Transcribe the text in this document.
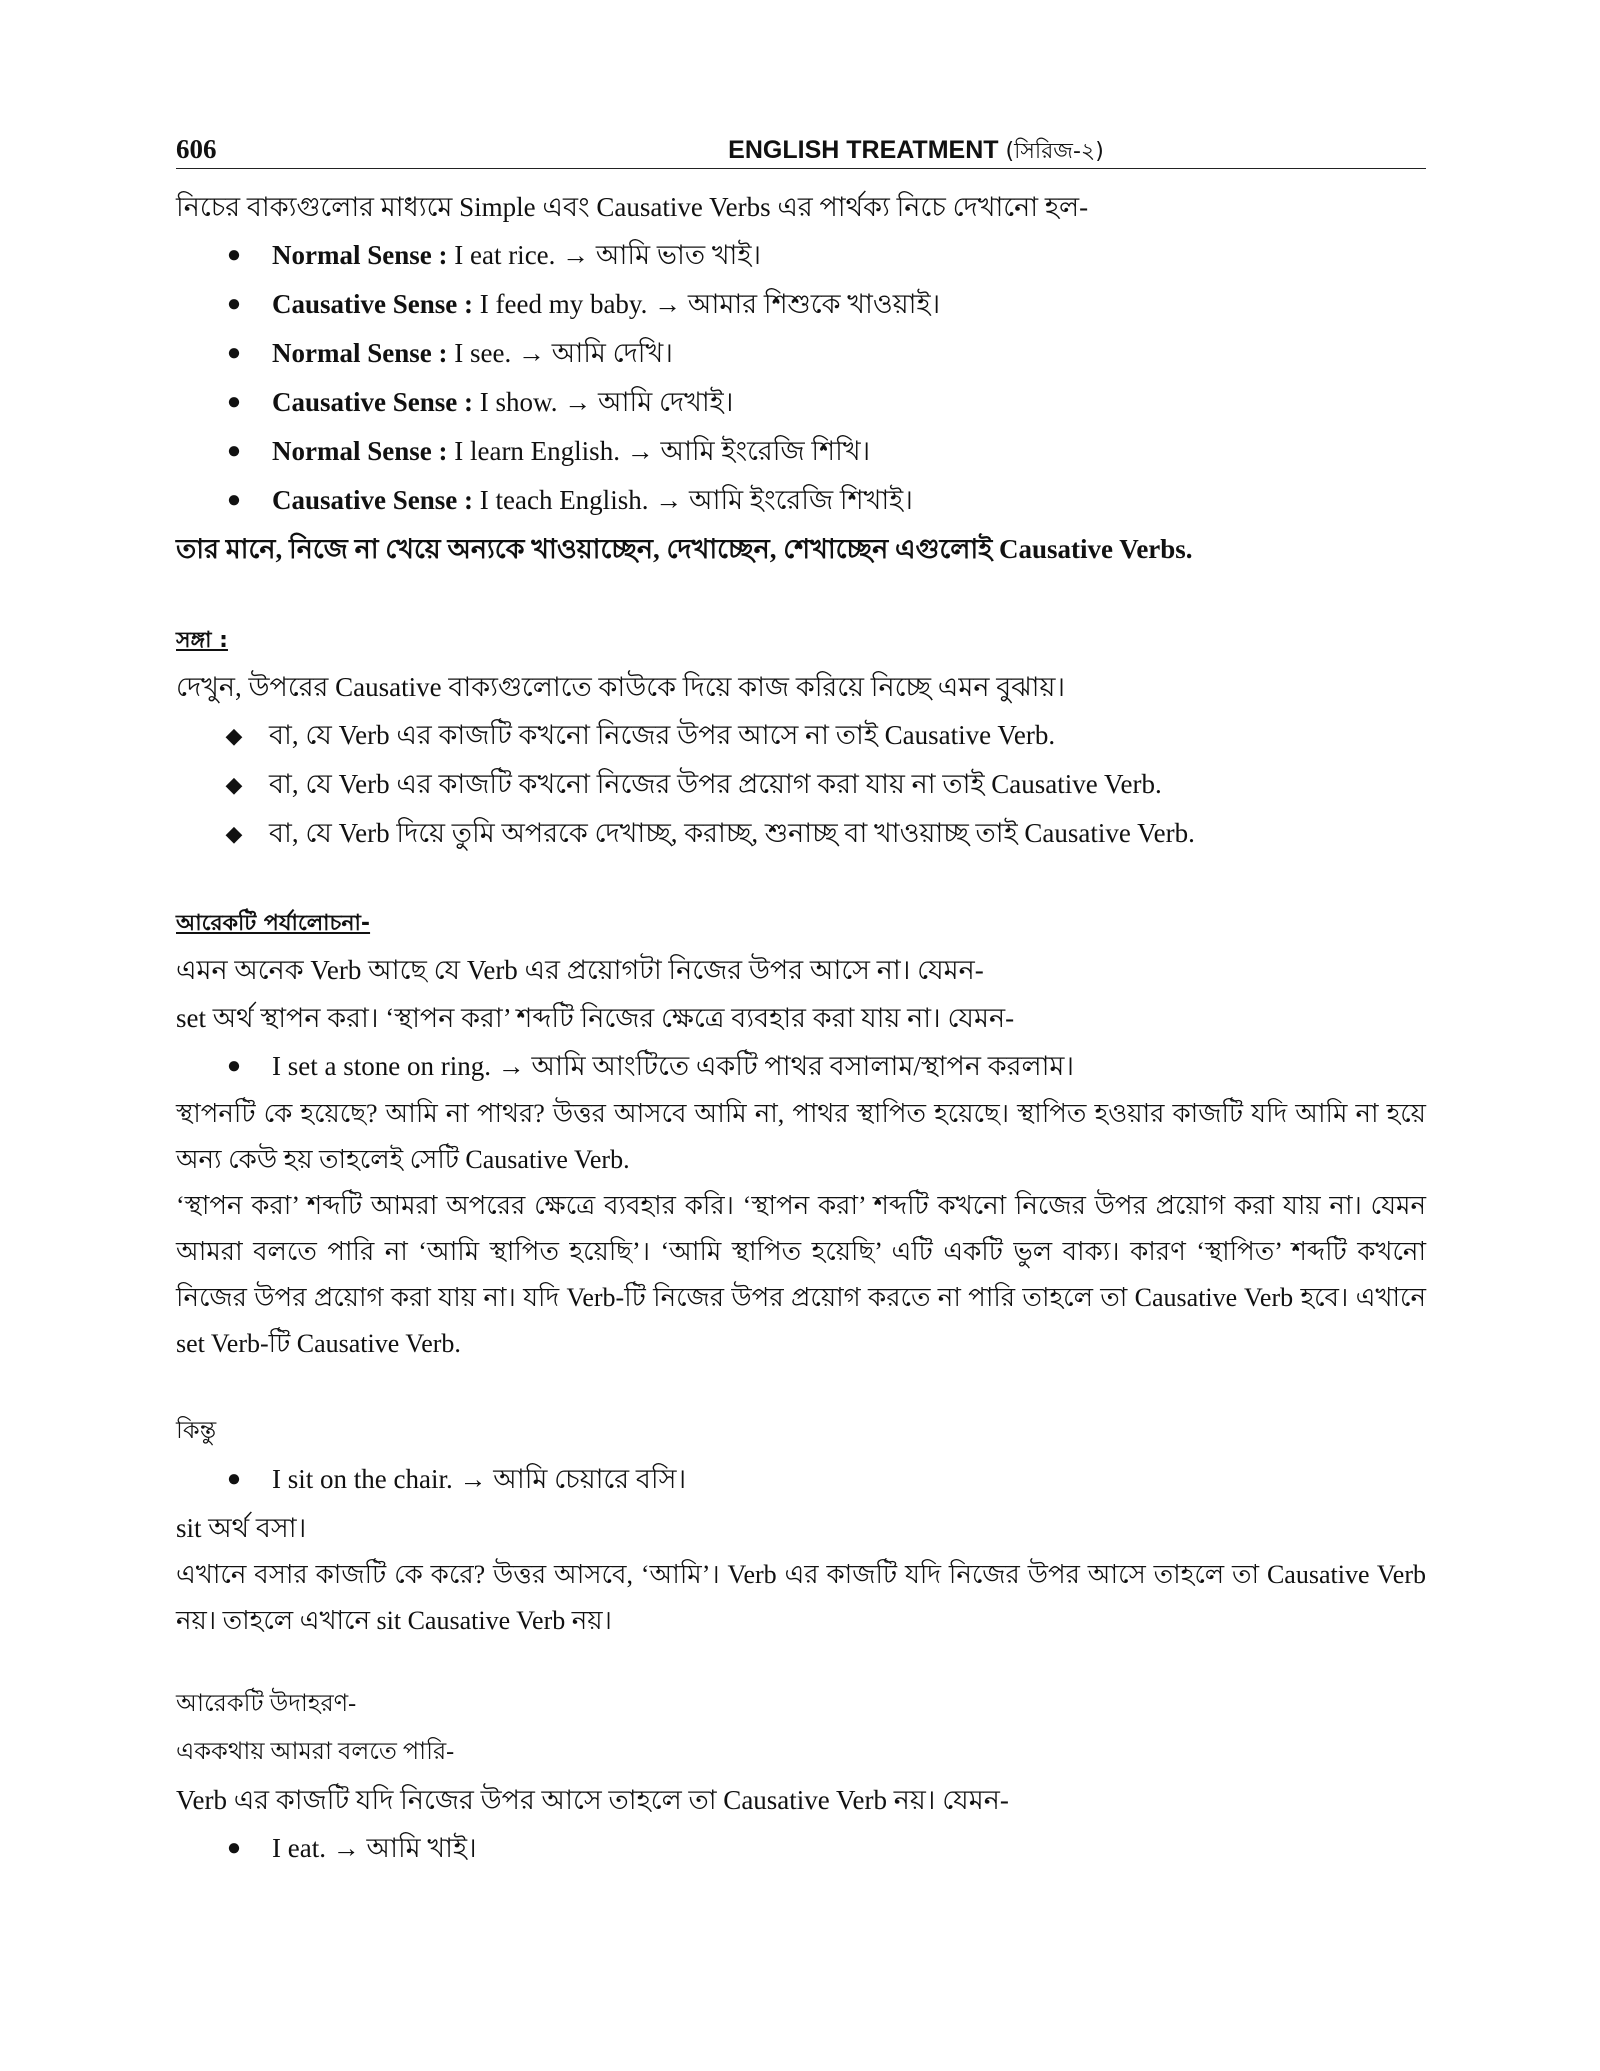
606	ENGLISH TREATMENT (সিরিজ-২)

নিচের বাক্যগুলোর মাধ্যমে Simple এবং Causative Verbs এর পার্থক্য নিচে দেখানো হল-

● Normal Sense : I eat rice. → আমি ভাত খাই।
● Causative Sense : I feed my baby. → আমার শিশুকে খাওয়াই।
● Normal Sense : I see. → আমি দেখি।
● Causative Sense : I show. → আমি দেখাই।
● Normal Sense : I learn English. → আমি ইংরেজি শিখি।
● Causative Sense : I teach English. → আমি ইংরেজি শিখাই।

তার মানে, নিজে না খেয়ে অন্যকে খাওয়াচ্ছেন, দেখাচ্ছেন, শেখাচ্ছেন এগুলোই Causative Verbs.

সঙ্গা :

দেখুন, উপরের Causative বাক্যগুলোতে কাউকে দিয়ে কাজ করিয়ে নিচ্ছে এমন বুঝায়।

◆ বা, যে Verb এর কাজটি কখনো নিজের উপর আসে না তাই Causative Verb.
◆ বা, যে Verb এর কাজটি কখনো নিজের উপর প্রয়োগ করা যায় না তাই Causative Verb.
◆ বা, যে Verb দিয়ে তুমি অপরকে দেখাচ্ছ, করাচ্ছ, শুনাচ্ছ বা খাওয়াচ্ছ তাই Causative Verb.
আরেকটি পর্যালোচনা-

এমন অনেক Verb আছে যে Verb এর প্রয়োগটা নিজের উপর আসে না। যেমন-

set অর্থ স্থাপন করা। ‘স্থাপন করা’ শব্দটি নিজের ক্ষেত্রে ব্যবহার করা যায় না। যেমন-

● I set a stone on ring. → আমি আংটিতে একটি পাথর বসালাম/স্থাপন করলাম।

স্থাপনটি কে হয়েছে? আমি না পাথর? উত্তর আসবে আমি না, পাথর স্থাপিত হয়েছে। স্থাপিত হওয়ার কাজটি যদি আমি না হয়ে অন্য কেউ হয় তাহলেই সেটি Causative Verb.

‘স্থাপন করা’ শব্দটি আমরা অপরের ক্ষেত্রে ব্যবহার করি। ‘স্থাপন করা’ শব্দটি কখনো নিজের উপর প্রয়োগ করা যায় না। যেমন আমরা বলতে পারি না ‘আমি স্থাপিত হয়েছি’। ‘আমি স্থাপিত হয়েছি’ এটি একটি ভুল বাক্য। কারণ ‘স্থাপিত’ শব্দটি কখনো নিজের উপর প্রয়োগ করা যায় না। যদি Verb-টি নিজের উপর প্রয়োগ করতে না পারি তাহলে তা Causative Verb হবে। এখানে set Verb-টি Causative Verb.

কিন্তু

● I sit on the chair. → আমি চেয়ারে বসি।

sit অর্থ বসা।

এখানে বসার কাজটি কে করে? উত্তর আসবে, ‘আমি’। Verb এর কাজটি যদি নিজের উপর আসে তাহলে তা Causative Verb নয়। তাহলে এখানে sit Causative Verb নয়।

আরেকটি উদাহরণ-

এককথায় আমরা বলতে পারি-

Verb এর কাজটি যদি নিজের উপর আসে তাহলে তা Causative Verb নয়। যেমন-

● I eat. → আমি খাই।
